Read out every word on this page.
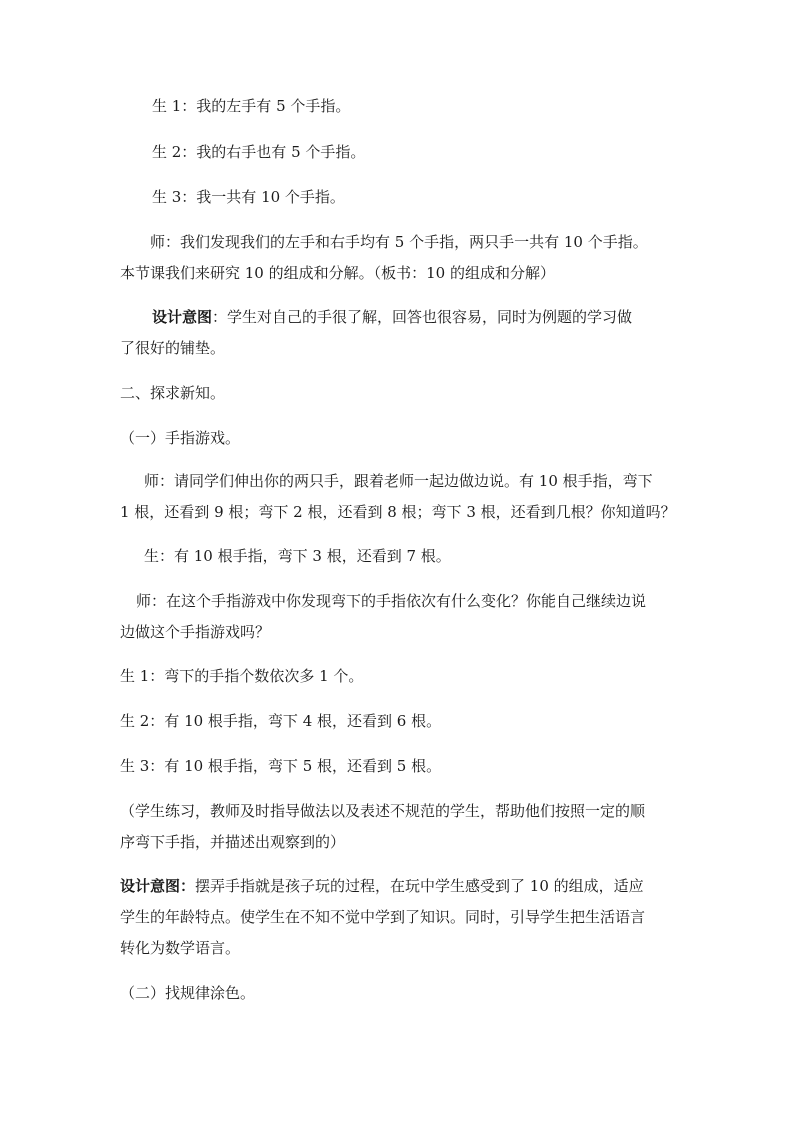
生 1：我的左手有 5 个手指。
生 2：我的右手也有 5 个手指。
生 3：我一共有 10 个手指。
师：我们发现我们的左手和右手均有 5 个手指，两只手一共有 10 个手指。
本节课我们来研究 10 的组成和分解。（板书：10 的组成和分解）
设计意图：学生对自己的手很了解，回答也很容易，同时为例题的学习做
了很好的铺垫。
二、探求新知。
（一）手指游戏。
师：请同学们伸出你的两只手，跟着老师一起边做边说。有 10 根手指，弯下
1 根，还看到 9 根；弯下 2 根，还看到 8 根；弯下 3 根，还看到几根？你知道吗？
生：有 10 根手指，弯下 3 根，还看到 7 根。
师：在这个手指游戏中你发现弯下的手指依次有什么变化？你能自己继续边说
边做这个手指游戏吗？
生 1：弯下的手指个数依次多 1 个。
生 2：有 10 根手指，弯下 4 根，还看到 6 根。
生 3：有 10 根手指，弯下 5 根，还看到 5 根。
（学生练习，教师及时指导做法以及表述不规范的学生，帮助他们按照一定的顺
序弯下手指，并描述出观察到的）
设计意图：摆弄手指就是孩子玩的过程，在玩中学生感受到了 10 的组成，适应
学生的年龄特点。使学生在不知不觉中学到了知识。同时，引导学生把生活语言
转化为数学语言。
（二）找规律涂色。
